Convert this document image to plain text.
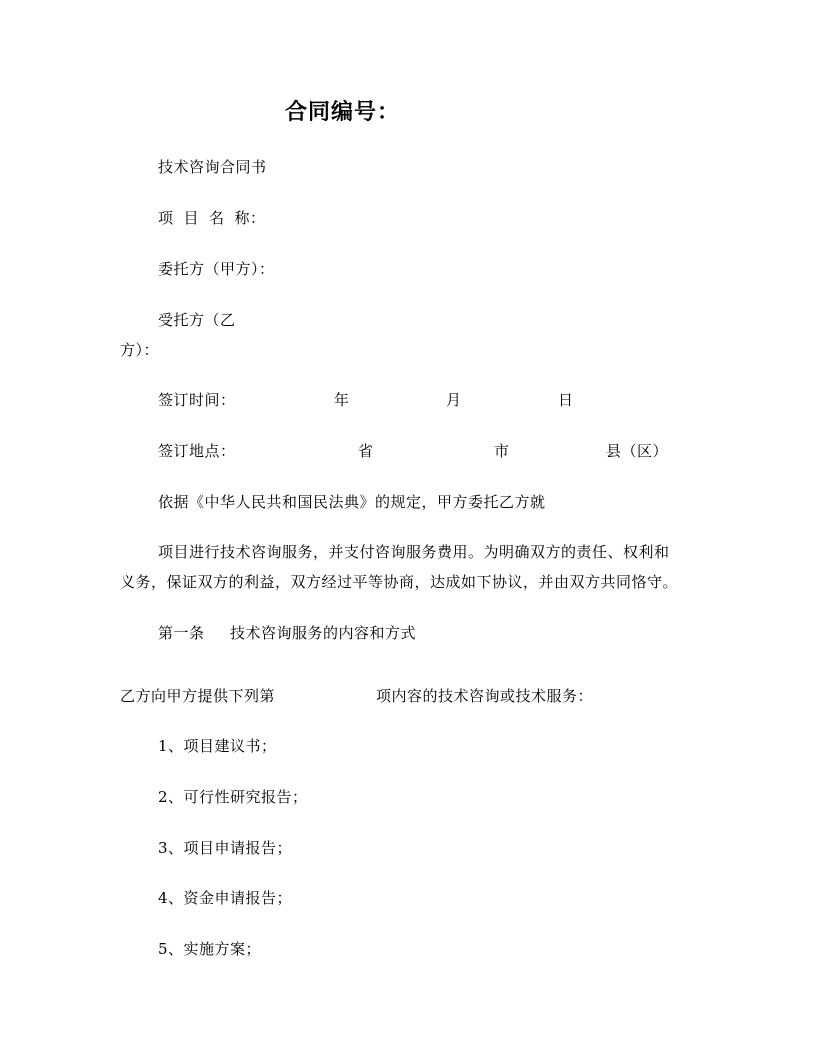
合同编号：
技术咨询合同书
项 目 名 称：
委托方（甲方）：
受托方（乙
方）：
签订时间：	年	月	日
签订地点：	省	市	县（区）
依据《中华人民共和国民法典》的规定，甲方委托乙方就
项目进行技术咨询服务，并支付咨询服务费用。为明确双方的责任、权利和
义务，保证双方的利益，双方经过平等协商，达成如下协议，并由双方共同恪守。
第一条 技术咨询服务的内容和方式
乙方向甲方提供下列第	项内容的技术咨询或技术服务：
1、项目建议书；
2、可行性研究报告；
3、项目申请报告；
4、资金申请报告；
5、实施方案；
